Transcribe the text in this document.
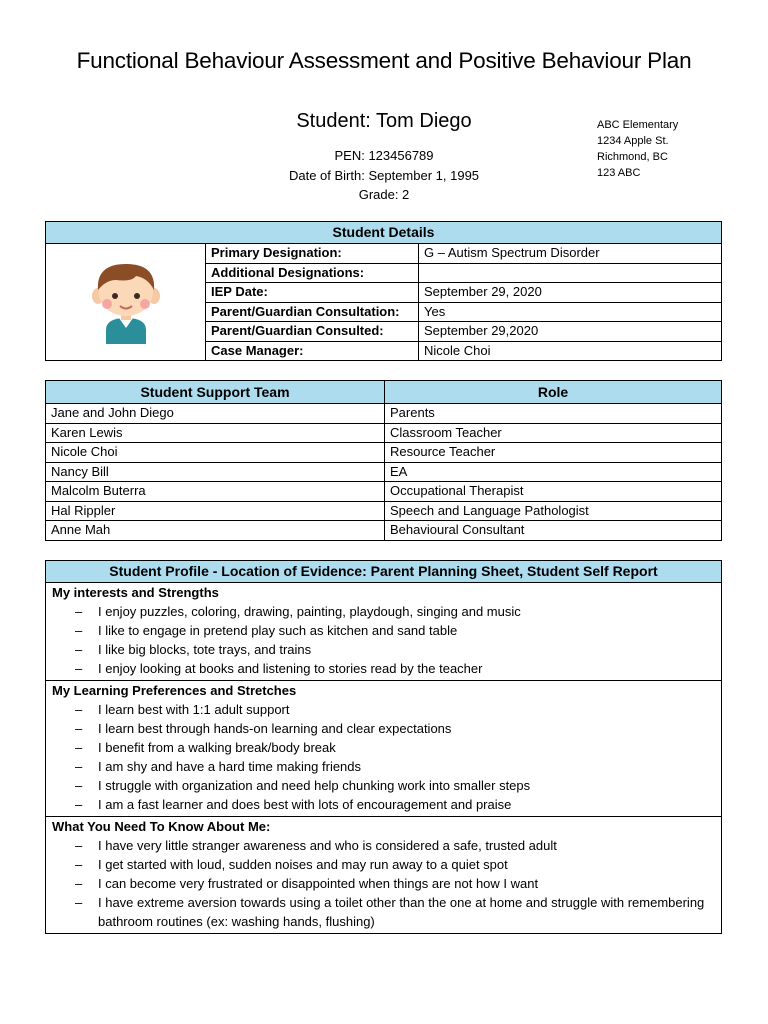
Functional Behaviour Assessment and Positive Behaviour Plan
Student: Tom Diego
PEN: 123456789
Date of Birth: September 1, 1995
Grade: 2
ABC Elementary
1234 Apple St.
Richmond, BC
123 ABC
Student Details		
	Primary Designation:	G – Autism Spectrum Disorder
	Additional Designations:	
	IEP Date:	September 29, 2020
	Parent/Guardian Consultation:	Yes
	Parent/Guardian Consulted:	September 29,2020
	Case Manager:	Nicole Choi
Student Support Team	Role
Jane and John Diego	Parents
Karen Lewis	Classroom Teacher
Nicole Choi	Resource Teacher
Nancy Bill	EA
Malcolm Buterra	Occupational Therapist
Hal Rippler	Speech and Language Pathologist
Anne Mah	Behavioural Consultant
Student Profile - Location of Evidence: Parent Planning Sheet, Student Self Report

My interests and Strengths
– I enjoy puzzles, coloring, drawing, painting, playdough, singing and music
– I like to engage in pretend play such as kitchen and sand table
– I like big blocks, tote trays, and trains
– I enjoy looking at books and listening to stories read by the teacher

My Learning Preferences and Stretches
– I learn best with 1:1 adult support
– I learn best through hands-on learning and clear expectations
– I benefit from a walking break/body break
– I am shy and have a hard time making friends
– I struggle with organization and need help chunking work into smaller steps
– I am a fast learner and does best with lots of encouragement and praise

What You Need To Know About Me:
– I have very little stranger awareness and who is considered a safe, trusted adult
– I get started with loud, sudden noises and may run away to a quiet spot
– I can become very frustrated or disappointed when things are not how I want
– I have extreme aversion towards using a toilet other than the one at home and struggle with remembering bathroom routines (ex: washing hands, flushing)
